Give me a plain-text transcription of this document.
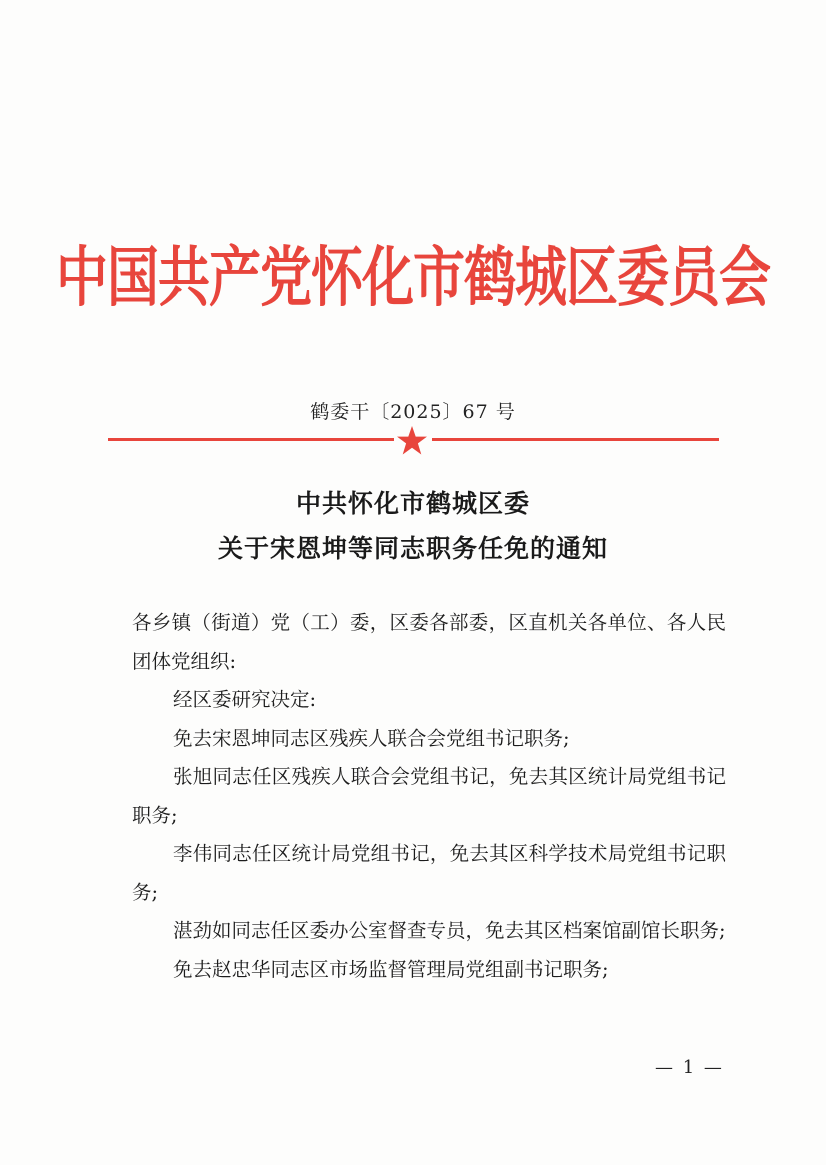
中国共产党怀化市鹤城区委员会
鹤委干〔2025〕67 号
中共怀化市鹤城区委
关于宋恩坤等同志职务任免的通知

各乡镇（街道）党（工）委，区委各部委，区直机关各单位、各人民团体党组织:

经区委研究决定:

免去宋恩坤同志区残疾人联合会党组书记职务;

张旭同志任区残疾人联合会党组书记，免去其区统计局党组书记职务;

李伟同志任区统计局党组书记，免去其区科学技术局党组书记职务;

湛劲如同志任区委办公室督查专员，免去其区档案馆副馆长职务;

免去赵忠华同志区市场监督管理局党组副书记职务;

— 1 —
